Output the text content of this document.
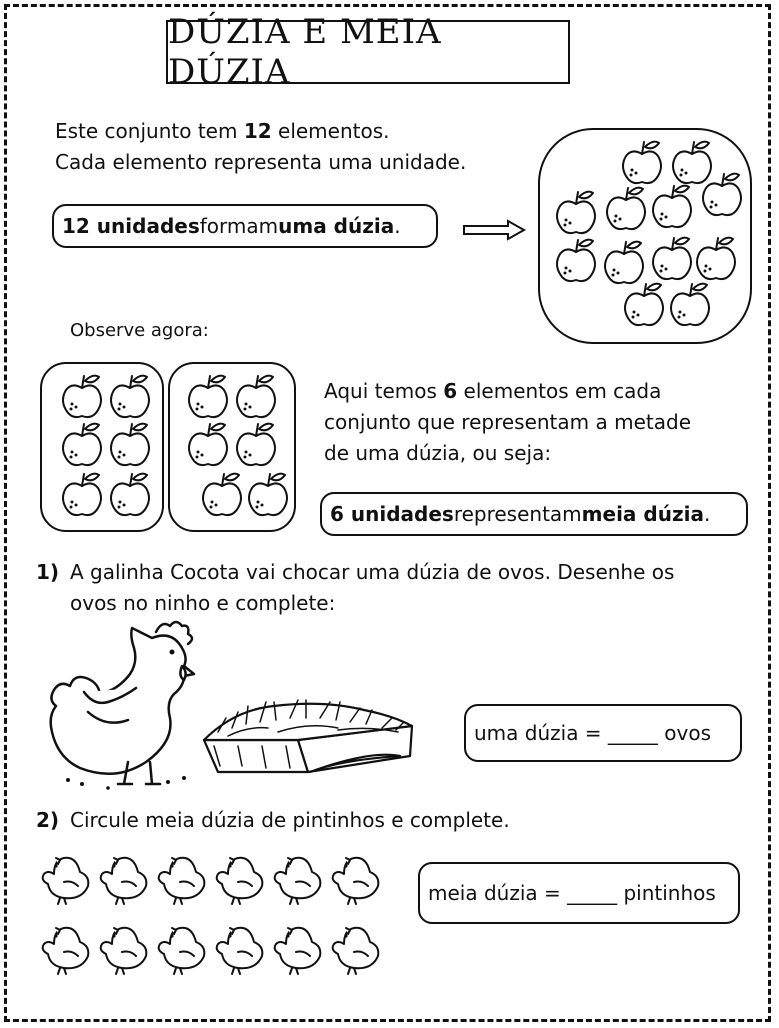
DÚZIA E MEIA DÚZIA
Este conjunto tem 12 elementos.
Cada elemento representa uma unidade.
12 unidades formam uma dúzia .
Observe agora:
Aqui temos 6 elementos em cada
conjunto que representam a metade
de uma dúzia, ou seja:
6 unidades representam meia dúzia .
1) A galinha Cocota vai chocar uma dúzia de ovos. Desenhe os
ovos no ninho e complete:
uma dúzia = _____ ovos
2) Circule meia dúzia de pintinhos e complete.
meia dúzia = _____ pintinhos
